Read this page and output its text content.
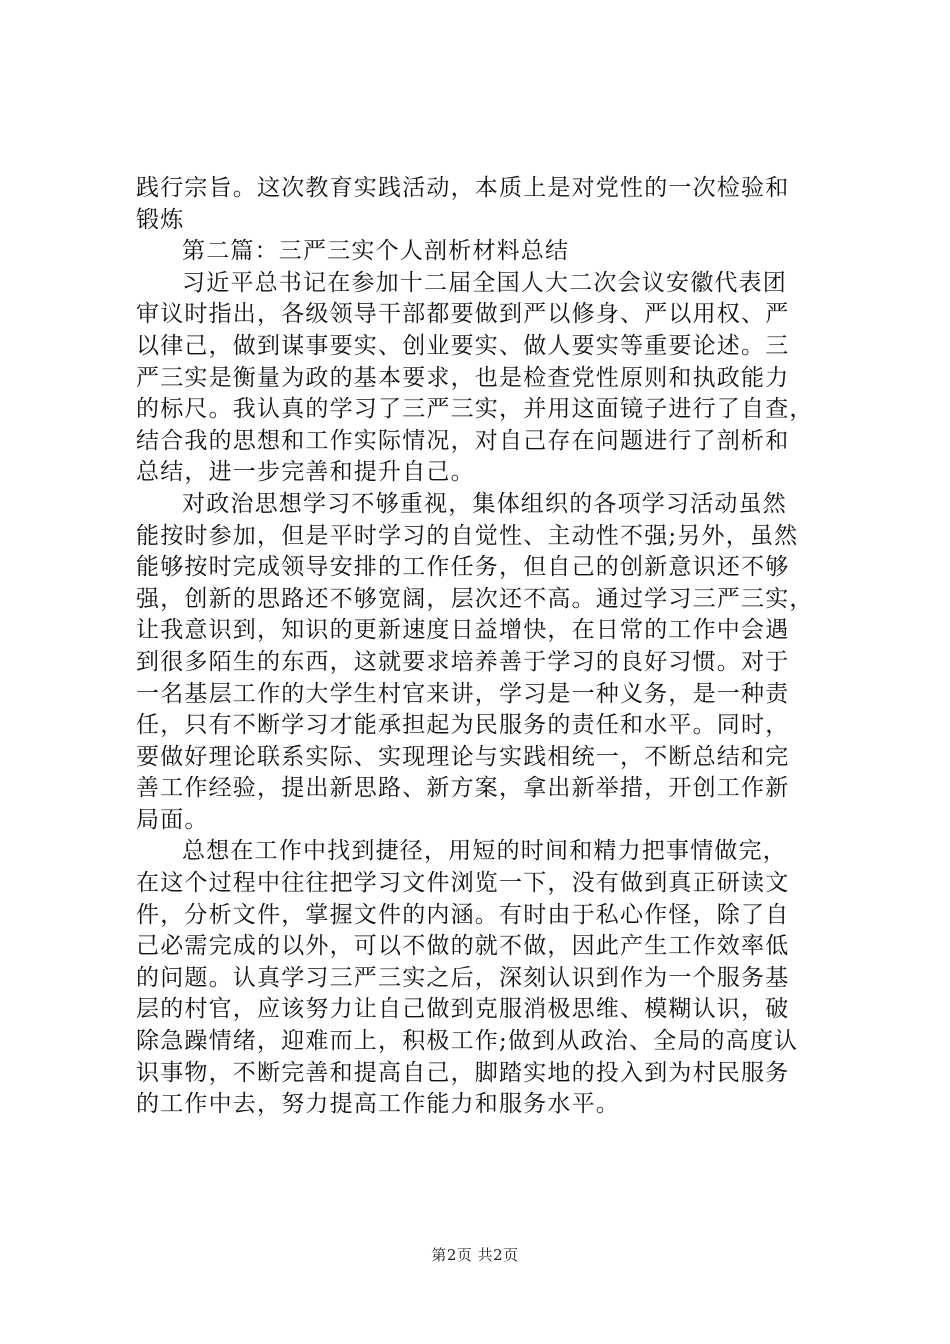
践行宗旨。这次教育实践活动，本质上是对党性的一次检验和
锻炼
第二篇：三严三实个人剖析材料总结
习近平总书记在参加十二届全国人大二次会议安徽代表团
审议时指出，各级领导干部都要做到严以修身、严以用权、严
以律己，做到谋事要实、创业要实、做人要实等重要论述。三
严三实是衡量为政的基本要求，也是检查党性原则和执政能力
的标尺。我认真的学习了三严三实，并用这面镜子进行了自查，
结合我的思想和工作实际情况，对自己存在问题进行了剖析和
总结，进一步完善和提升自己。
对政治思想学习不够重视，集体组织的各项学习活动虽然
能按时参加，但是平时学习的自觉性、主动性不强;另外，虽然
能够按时完成领导安排的工作任务，但自己的创新意识还不够
强，创新的思路还不够宽阔，层次还不高。通过学习三严三实，
让我意识到，知识的更新速度日益增快，在日常的工作中会遇
到很多陌生的东西，这就要求培养善于学习的良好习惯。对于
一名基层工作的大学生村官来讲，学习是一种义务，是一种责
任，只有不断学习才能承担起为民服务的责任和水平。同时，
要做好理论联系实际、实现理论与实践相统一，不断总结和完
善工作经验，提出新思路、新方案，拿出新举措，开创工作新
局面。
总想在工作中找到捷径，用短的时间和精力把事情做完，
在这个过程中往往把学习文件浏览一下，没有做到真正研读文
件，分析文件，掌握文件的内涵。有时由于私心作怪，除了自
己必需完成的以外，可以不做的就不做，因此产生工作效率低
的问题。认真学习三严三实之后，深刻认识到作为一个服务基
层的村官，应该努力让自己做到克服消极思维、模糊认识，破
除急躁情绪，迎难而上，积极工作;做到从政治、全局的高度认
识事物，不断完善和提高自己，脚踏实地的投入到为村民服务
的工作中去，努力提高工作能力和服务水平。
第2页 共2页
